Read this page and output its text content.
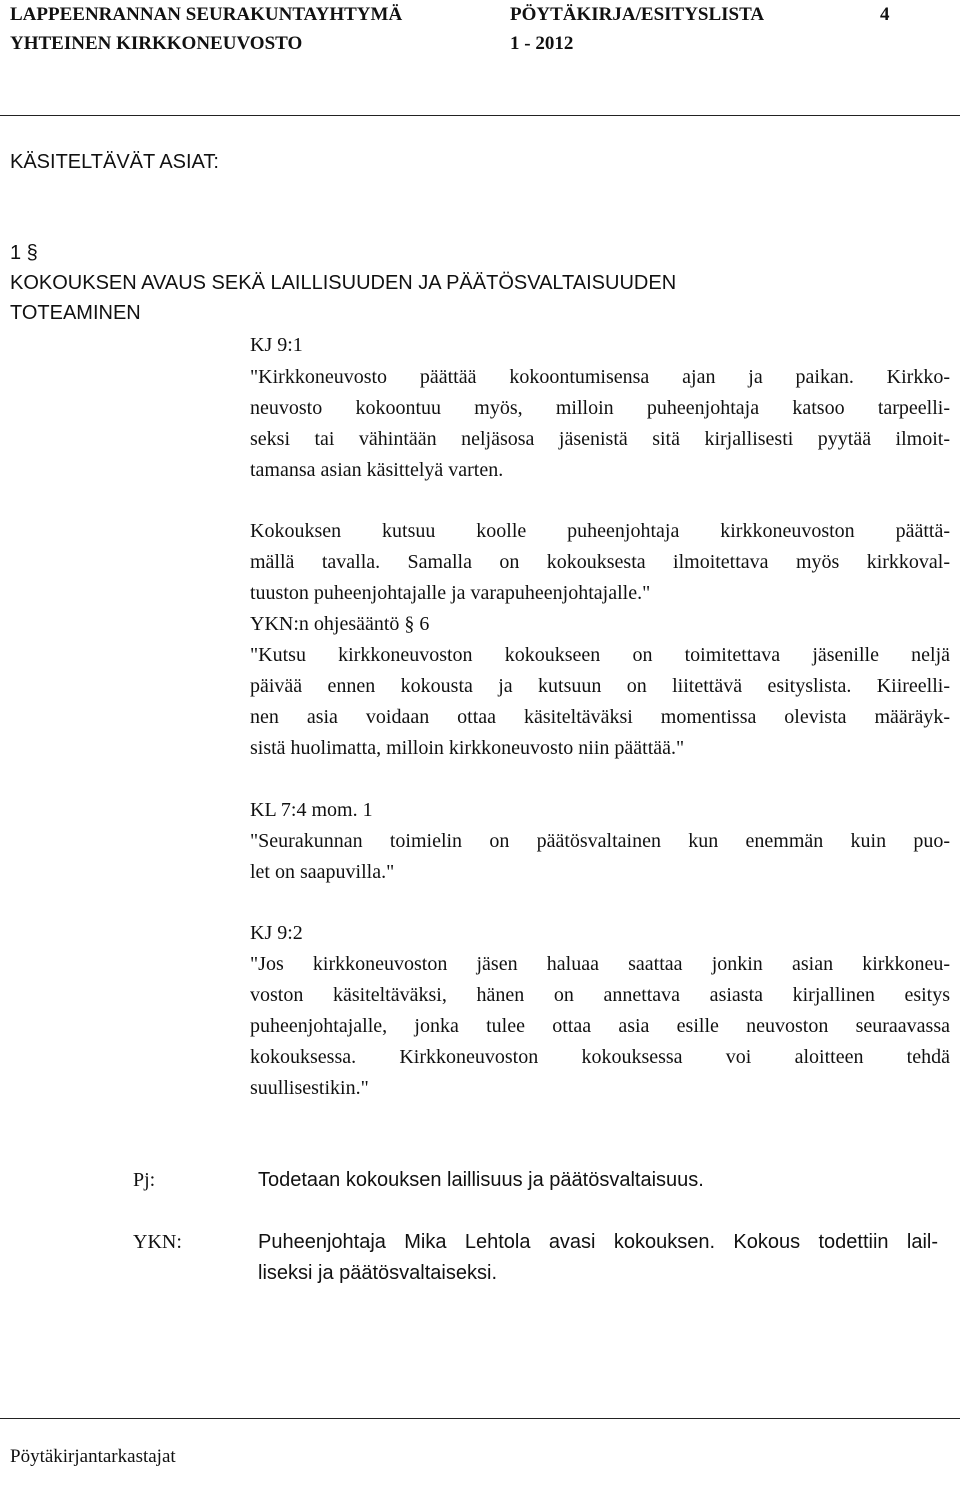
LAPPEENRANNAN SEURAKUNTAYHTYMÄ
YHTEINEN KIRKKONEUVOSTO
PÖYTÄKIRJA/ESITYSLISTA
1 - 2012
4
KÄSITELTÄVÄT ASIAT:
1 §
KOKOUKSEN AVAUS SEKÄ LAILLISUUDEN JA PÄÄTÖSVALTAISUUDEN
TOTEAMINEN
KJ 9:1
"Kirkkoneuvosto päättää kokoontumisensa ajan ja paikan. Kirkko-
neuvosto kokoontuu myös, milloin puheenjohtaja katsoo tarpeelli-
seksi tai vähintään neljäsosa jäsenistä sitä kirjallisesti pyytää ilmoit-
tamansa asian käsittelyä varten.
Kokouksen kutsuu koolle puheenjohtaja kirkkoneuvoston päättä-
mällä tavalla. Samalla on kokouksesta ilmoitettava myös kirkkoval-
tuuston puheenjohtajalle ja varapuheenjohtajalle."
YKN:n ohjesääntö § 6
"Kutsu kirkkoneuvoston kokoukseen on toimitettava jäsenille neljä
päivää ennen kokousta ja kutsuun on liitettävä esityslista. Kiireelli-
nen asia voidaan ottaa käsiteltäväksi momentissa olevista määräyk-
sistä huolimatta, milloin kirkkoneuvosto niin päättää."
KL 7:4 mom. 1
"Seurakunnan toimielin on päätösvaltainen kun enemmän kuin puo-
let on saapuvilla."
KJ 9:2
"Jos kirkkoneuvoston jäsen haluaa saattaa jonkin asian kirkkoneu-
voston käsiteltäväksi, hänen on annettava asiasta kirjallinen esitys
puheenjohtajalle, jonka tulee ottaa asia esille neuvoston seuraavassa
kokouksessa. Kirkkoneuvoston kokouksessa voi aloitteen tehdä
suullisestikin."
Pj:	Todetaan kokouksen laillisuus ja päätösvaltaisuus.
YKN:	Puheenjohtaja Mika Lehtola avasi kokouksen. Kokous todettiin lail-
liseksi ja päätösvaltaiseksi.
Pöytäkirjantarkastajat
